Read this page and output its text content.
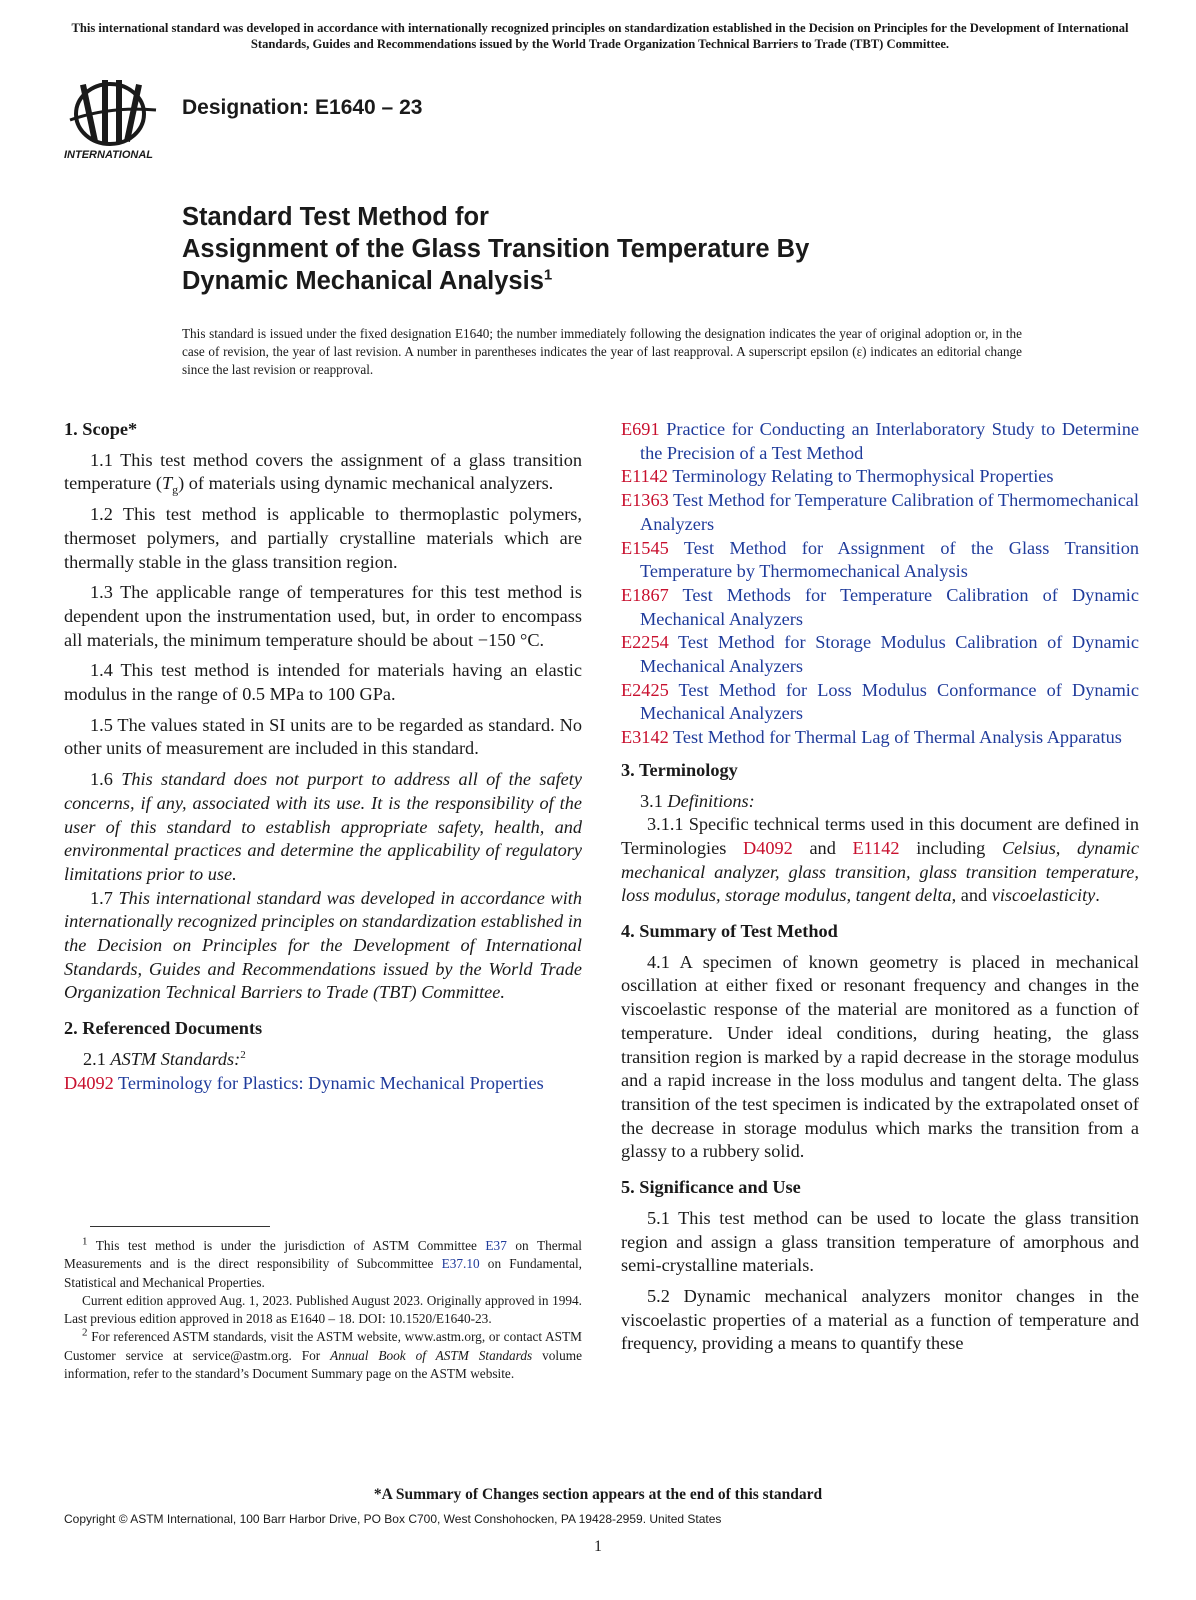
This international standard was developed in accordance with internationally recognized principles on standardization established in the Decision on Principles for the Development of International Standards, Guides and Recommendations issued by the World Trade Organization Technical Barriers to Trade (TBT) Committee.
INTERNATIONAL
Designation: E1640 – 23
Standard Test Method for
Assignment of the Glass Transition Temperature By
Dynamic Mechanical Analysis$^1$
This standard is issued under the fixed designation E1640; the number immediately following the designation indicates the year of original adoption or, in the case of revision, the year of last revision. A number in parentheses indicates the year of last reapproval. A superscript epsilon (ε) indicates an editorial change since the last revision or reapproval.
1. Scope*

1.1 This test method covers the assignment of a glass transition temperature $(T_g)$ of materials using dynamic mechanical analyzers.

1.2 This test method is applicable to thermoplastic polymers, thermoset polymers, and partially crystalline materials which are thermally stable in the glass transition region.

1.3 The applicable range of temperatures for this test method is dependent upon the instrumentation used, but, in order to encompass all materials, the minimum temperature should be about −150 °C.

1.4 This test method is intended for materials having an elastic modulus in the range of 0.5 MPa to 100 GPa.

1.5 The values stated in SI units are to be regarded as standard. No other units of measurement are included in this standard.

1.6 This standard does not purport to address all of the safety concerns, if any, associated with its use. It is the responsibility of the user of this standard to establish appropriate safety, health, and environmental practices and determine the applicability of regulatory limitations prior to use.

1.7 This international standard was developed in accordance with internationally recognized principles on standardization established in the Decision on Principles for the Development of International Standards, Guides and Recommendations issued by the World Trade Organization Technical Barriers to Trade (TBT) Committee.

2. Referenced Documents
2.1 ASTM Standards:$^2$

D4092 Terminology for Plastics: Dynamic Mechanical Properties

$^1$ This test method is under the jurisdiction of ASTM Committee E37 on Thermal Measurements and is the direct responsibility of Subcommittee E37.10 on Fundamental, Statistical and Mechanical Properties.

Current edition approved Aug. 1, 2023. Published August 2023. Originally approved in 1994. Last previous edition approved in 2018 as E1640 – 18. DOI: 10.1520/E1640-23.

$^2$ For referenced ASTM standards, visit the ASTM website, www.astm.org, or contact ASTM Customer service at service@astm.org. For Annual Book of ASTM Standards volume information, refer to the standard’s Document Summary page on the ASTM website.

E691 Practice for Conducting an Interlaboratory Study to Determine the Precision of a Test Method

E1142 Terminology Relating to Thermophysical Properties

E1363 Test Method for Temperature Calibration of Thermomechanical Analyzers

E1545 Test Method for Assignment of the Glass Transition Temperature by Thermomechanical Analysis

E1867 Test Methods for Temperature Calibration of Dynamic Mechanical Analyzers

E2254 Test Method for Storage Modulus Calibration of Dynamic Mechanical Analyzers

E2425 Test Method for Loss Modulus Conformance of Dynamic Mechanical Analyzers

E3142 Test Method for Thermal Lag of Thermal Analysis Apparatus

3. Terminology
3.1 Definitions:

3.1.1 Specific technical terms used in this document are defined in Terminologies D4092 and E1142 including Celsius, dynamic mechanical analyzer, glass transition, glass transition temperature, loss modulus, storage modulus, tangent delta, and viscoelasticity.

4. Summary of Test Method

4.1 A specimen of known geometry is placed in mechanical oscillation at either fixed or resonant frequency and changes in the viscoelastic response of the material are monitored as a function of temperature. Under ideal conditions, during heating, the glass transition region is marked by a rapid decrease in the storage modulus and a rapid increase in the loss modulus and tangent delta. The glass transition of the test specimen is indicated by the extrapolated onset of the decrease in storage modulus which marks the transition from a glassy to a rubbery solid.

5. Significance and Use

5.1 This test method can be used to locate the glass transition region and assign a glass transition temperature of amorphous and semi-crystalline materials.

5.2 Dynamic mechanical analyzers monitor changes in the viscoelastic properties of a material as a function of temperature and frequency, providing a means to quantify these

*A Summary of Changes section appears at the end of this standard
Copyright © ASTM International, 100 Barr Harbor Drive, PO Box C700, West Conshohocken, PA 19428-2959. United States
1
